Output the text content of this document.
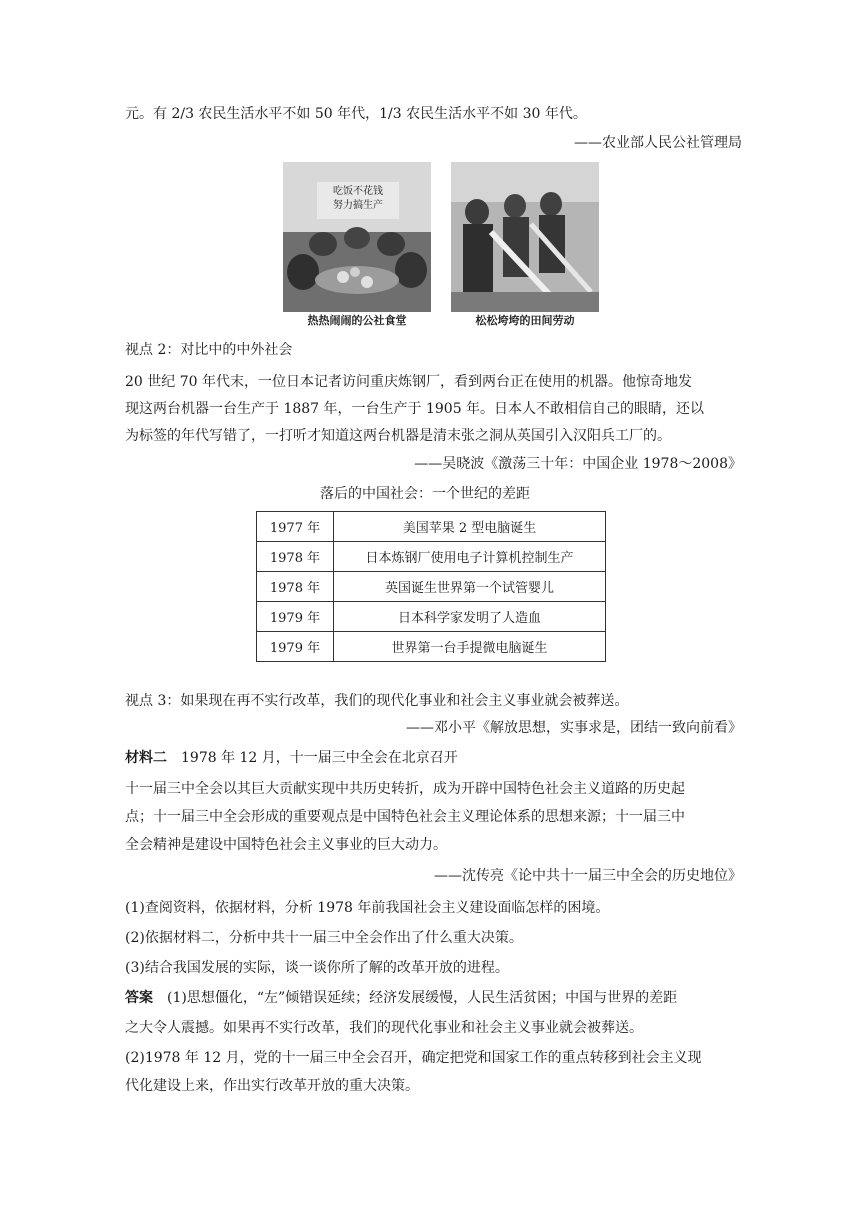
元。有 2/3 农民生活水平不如 50 年代，1/3 农民生活水平不如 30 年代。
——农业部人民公社管理局
吃饭不花钱
努力搞生产
热热闹闹的公社食堂	松松垮垮的田间劳动
视点 2：对比中的中外社会
20 世纪 70 年代末，一位日本记者访问重庆炼钢厂，看到两台正在使用的机器。他惊奇地发
现这两台机器一台生产于 1887 年，一台生产于 1905 年。日本人不敢相信自己的眼睛，还以
为标签的年代写错了，一打听才知道这两台机器是清末张之洞从英国引入汉阳兵工厂的。
——吴晓波《激荡三十年：中国企业 1978～2008》
落后的中国社会：一个世纪的差距
1977 年	美国苹果 2 型电脑诞生
1978 年	日本炼钢厂使用电子计算机控制生产
1978 年	英国诞生世界第一个试管婴儿
1979 年	日本科学家发明了人造血
1979 年	世界第一台手提微电脑诞生
视点 3：如果现在再不实行改革，我们的现代化事业和社会主义事业就会被葬送。
——邓小平《解放思想，实事求是，团结一致向前看》
材料二　1978 年 12 月，十一届三中全会在北京召开
十一届三中全会以其巨大贡献实现中共历史转折，成为开辟中国特色社会主义道路的历史起
点；十一届三中全会形成的重要观点是中国特色社会主义理论体系的思想来源；十一届三中
全会精神是建设中国特色社会主义事业的巨大动力。
——沈传亮《论中共十一届三中全会的历史地位》
(1)查阅资料，依据材料，分析 1978 年前我国社会主义建设面临怎样的困境。
(2)依据材料二，分析中共十一届三中全会作出了什么重大决策。
(3)结合我国发展的实际，谈一谈你所了解的改革开放的进程。
答案　(1)思想僵化，“左”倾错误延续；经济发展缓慢，人民生活贫困；中国与世界的差距
之大令人震撼。如果再不实行改革，我们的现代化事业和社会主义事业就会被葬送。
(2)1978 年 12 月，党的十一届三中全会召开，确定把党和国家工作的重点转移到社会主义现
代化建设上来，作出实行改革开放的重大决策。
